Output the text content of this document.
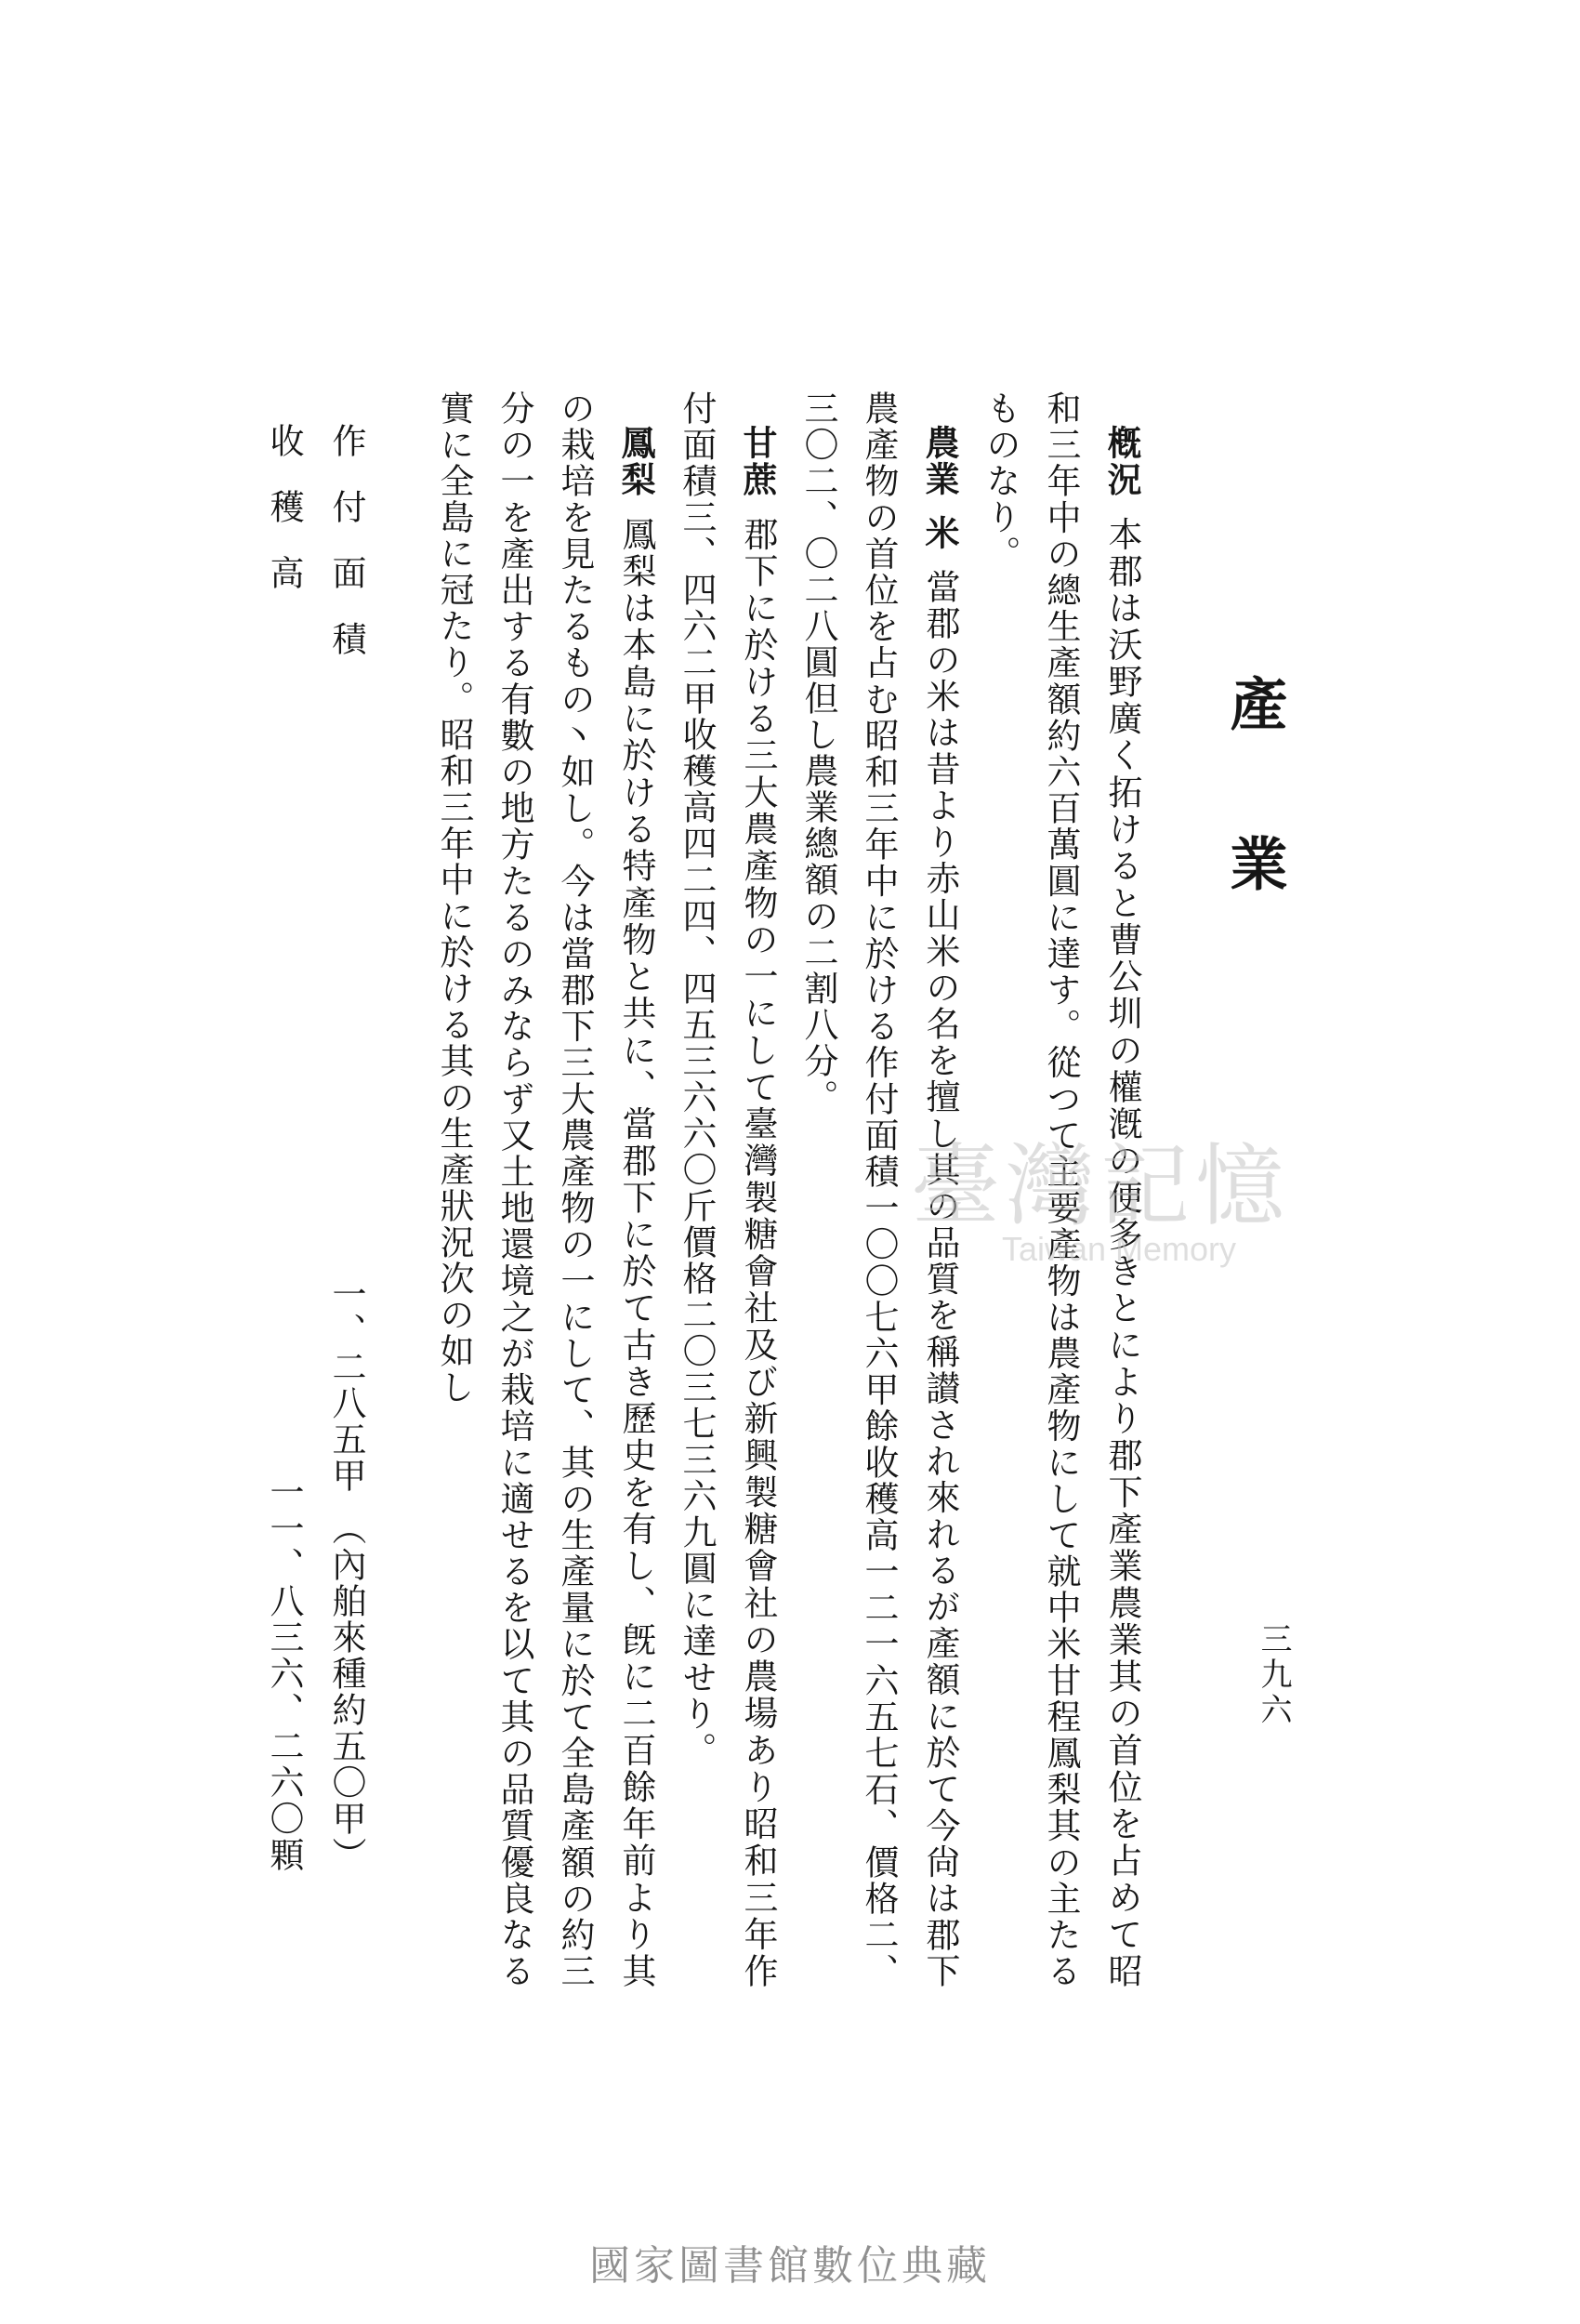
三九六
產業

槪況本郡は沃野廣く拓けると曹公圳の權漑の便多きとにより郡下產業農業其の首位を占めて昭和三年中の總生產額約六百萬圓に達す。從つて主要產物は農產物にして就中米甘程鳳梨其の主たるものなり。

農業米當郡の米は昔より赤山米の名を擅し其の品質を稱讃され來れるが產額に於て今尙は郡下農產物の首位を占む昭和三年中に於ける作付面積一〇〇七六甲餘收穫高一二一六五七石、價格二、三〇二、〇二八圓但し農業總額の二割八分。

甘蔗郡下に於ける三大農產物の一にして臺灣製糖會社及び新興製糖會社の農場あり昭和三年作付面積三、四六二甲收穫高四二四、四五三六六〇斤價格二〇三七三六九圓に達せり。

鳳梨鳳梨は本島に於ける特產物と共に、當郡下に於て古き歷史を有し、旣に二百餘年前より其の栽培を見たるもの丶如し。今は當郡下三大農產物の一にして、其の生產量に於て全島產額の約三分の一を產出する有數の地方たるのみならず又土地還境之が栽培に適せるを以て其の品質優良なる實に全島に冠たり。昭和三年中に於ける其の生產狀況次の如し

作付面積
一、二八五甲（內舶來種約五〇甲）
收穫高
一一、八三六、二六〇顆
臺灣記憶
Taiwan Memory
國家圖書館數位典藏
